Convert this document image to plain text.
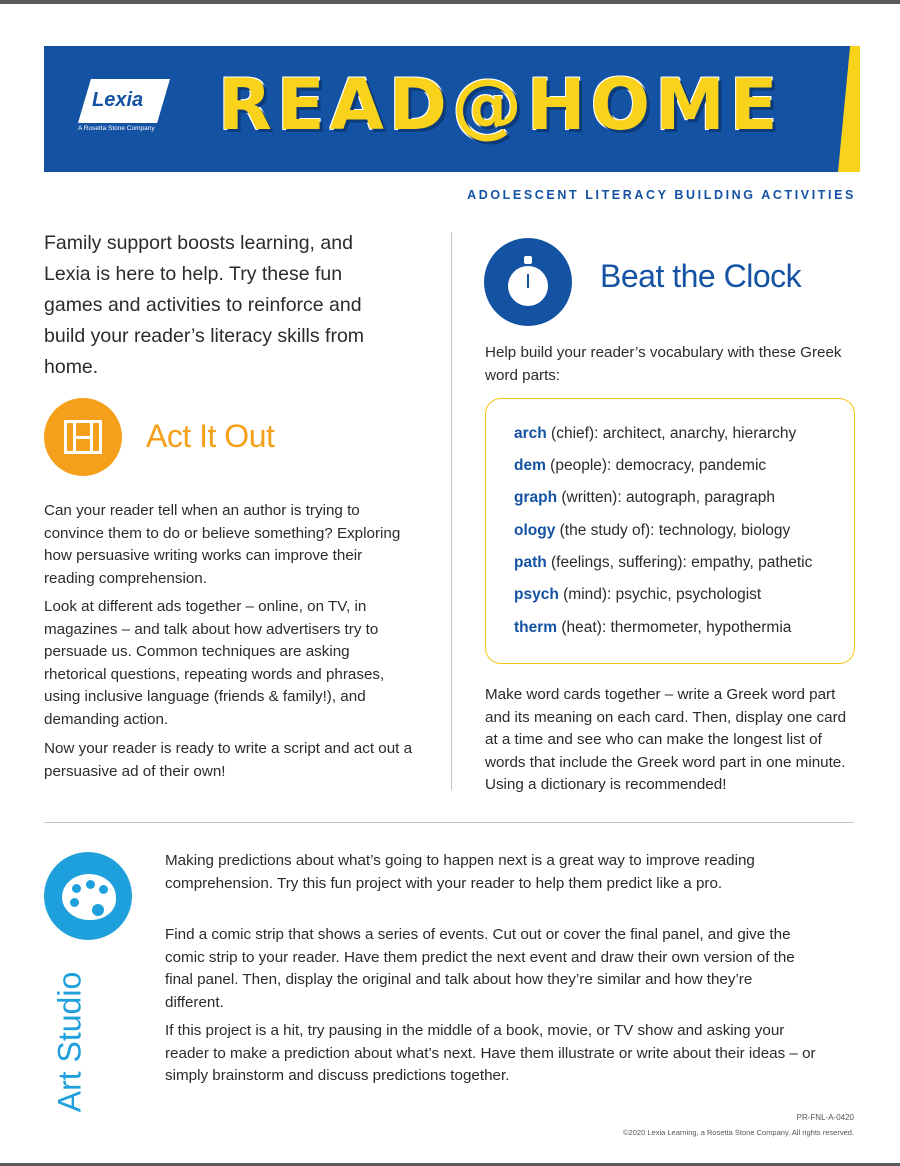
Lexia
A Rosetta Stone Company READ@HOME
ADOLESCENT LITERACY BUILDING ACTIVITIES
Family support boosts learning, and Lexia is here to help. Try these fun games and activities to reinforce and build your reader’s literacy skills from home.
Act It Out
Can your reader tell when an author is trying to convince them to do or believe something? Exploring how persuasive writing works can improve their reading comprehension.
Look at different ads together – online, on TV, in magazines – and talk about how advertisers try to persuade us. Common techniques are asking rhetorical questions, repeating words and phrases, using inclusive language (friends & family!), and demanding action.
Now your reader is ready to write a script and act out a persuasive ad of their own!
Beat the Clock
Help build your reader’s vocabulary with these Greek word parts:
arch (chief): architect, anarchy, hierarchy
dem (people): democracy, pandemic
graph (written): autograph, paragraph
ology (the study of): technology, biology
path (feelings, suffering): empathy, pathetic
psych (mind): psychic, psychologist
therm (heat): thermometer, hypothermia
Make word cards together – write a Greek word part and its meaning on each card. Then, display one card at a time and see who can make the longest list of words that include the Greek word part in one minute. Using a dictionary is recommended!
Art Studio
Making predictions about what’s going to happen next is a great way to improve reading comprehension. Try this fun project with your reader to help them predict like a pro.
Find a comic strip that shows a series of events. Cut out or cover the final panel, and give the comic strip to your reader. Have them predict the next event and draw their own version of the final panel. Then, display the original and talk about how they’re similar and how they’re different.
If this project is a hit, try pausing in the middle of a book, movie, or TV show and asking your reader to make a prediction about what’s next. Have them illustrate or write about their ideas – or simply brainstorm and discuss predictions together.
PR-FNL-A-0420
©2020 Lexia Learning, a Rosetta Stone Company. All rights reserved.
